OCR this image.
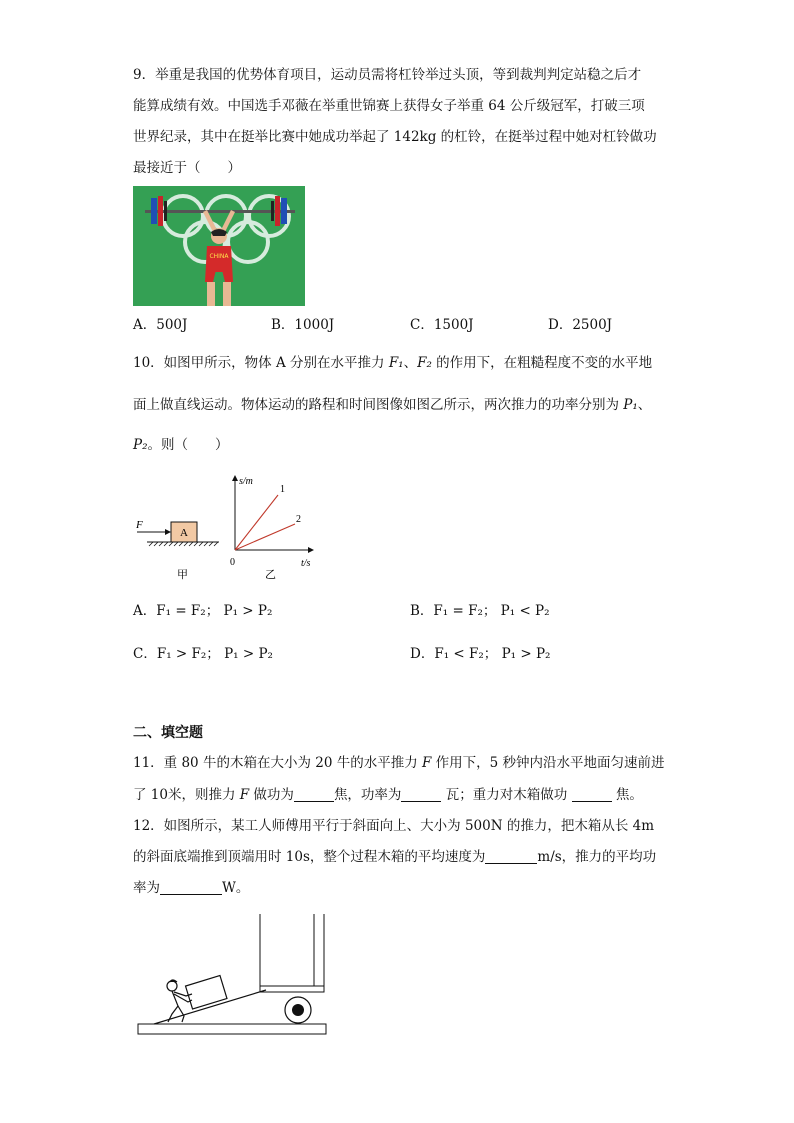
9．举重是我国的优势体育项目，运动员需将杠铃举过头顶，等到裁判判定站稳之后才
能算成绩有效。中国选手邓薇在举重世锦赛上获得女子举重 64 公斤级冠军，打破三项
世界纪录，其中在挺举比赛中她成功举起了 142kg 的杠铃，在挺举过程中她对杠铃做功
最接近于（　　）
CHINA
A．500J	B．1000J	C．1500J	D．2500J
10．如图甲所示，物体 A 分别在水平推力 F₁、F₂ 的作用下，在粗糙程度不变的水平地
面上做直线运动。物体运动的路程和时间图像如图乙所示，两次推力的功率分别为 P₁、
P₂。则（　　）
A
F
甲
s/m
t/s
0
1
2
乙
A．F₁ = F₂； P₁ > P₂	B．F₁ = F₂； P₁ < P₂
C．F₁ > F₂； P₁ > P₂	D．F₁ < F₂； P₁ > P₂
二、填空题
11．重 80 牛的木箱在大小为 20 牛的水平推力 F 作用下，5 秒钟内沿水平地面匀速前进
了 10米，则推力 F 做功为	焦，功率为	瓦；重力对木箱做功	焦。
12．如图所示，某工人师傅用平行于斜面向上、大小为 500N 的推力，把木箱从长 4m
的斜面底端推到顶端用时 10s，整个过程木箱的平均速度为	m/s，推力的平均功
率为	W。
